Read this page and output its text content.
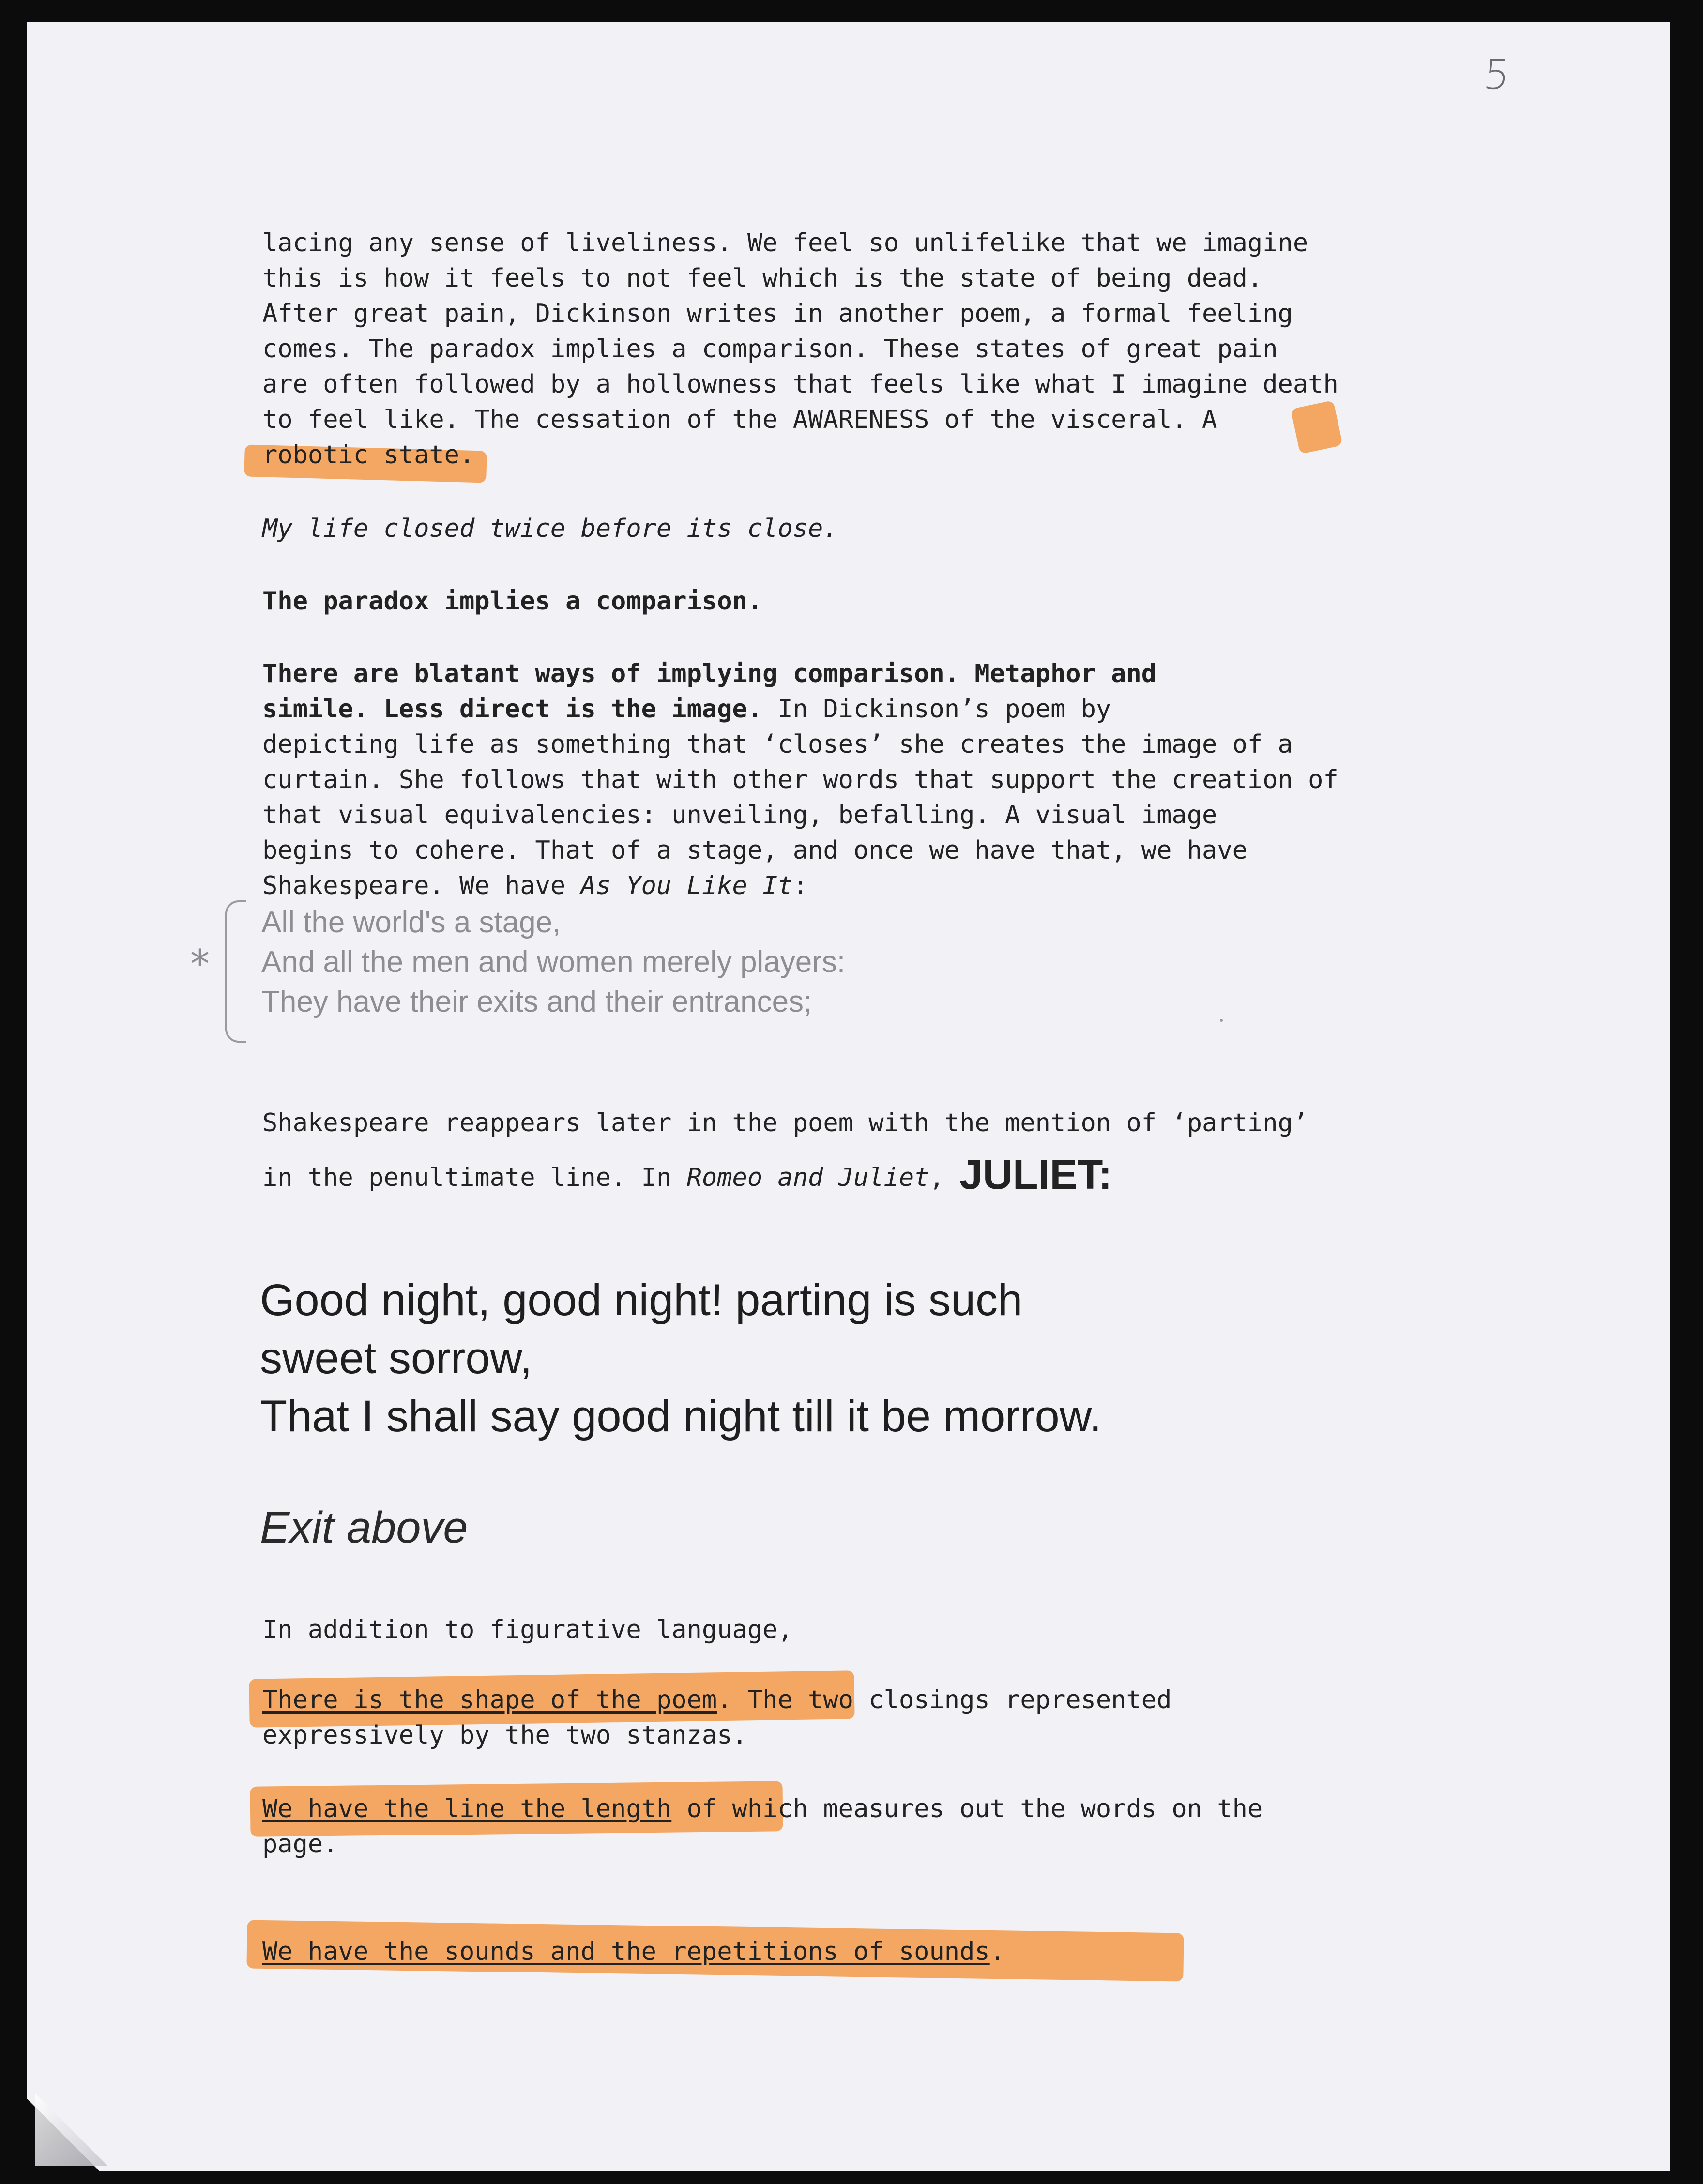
5
lacing any sense of liveliness. We feel so unlifelike that we imagine
this is how it feels to not feel which is the state of being dead.
After great pain, Dickinson writes in another poem, a formal feeling
comes. The paradox implies a comparison. These states of great pain
are often followed by a hollowness that feels like what I imagine death
to feel like. The cessation of the AWARENESS of the visceral. A
robotic state.
My life closed twice before its close.
The paradox implies a comparison.
There are blatant ways of implying comparison. Metaphor and
simile. Less direct is the image. In Dickinson’s poem by
depicting life as something that ‘closes’ she creates the image of a
curtain. She follows that with other words that support the creation of
that visual equivalencies: unveiling, befalling. A visual image
begins to cohere. That of a stage, and once we have that, we have
Shakespeare. We have As You Like It:
*
All the world's a stage,
And all the men and women merely players:
They have their exits and their entrances;
Shakespeare reappears later in the poem with the mention of ‘parting’
in the penultimate line. In Romeo and Juliet, JULIET:
Good night, good night! parting is such
sweet sorrow,
That I shall say good night till it be morrow.
Exit above
In addition to figurative language,
There is the shape of the poem. The two closings represented
expressively by the two stanzas.
We have the line the length of which measures out the words on the
page.
We have the sounds and the repetitions of sounds.
